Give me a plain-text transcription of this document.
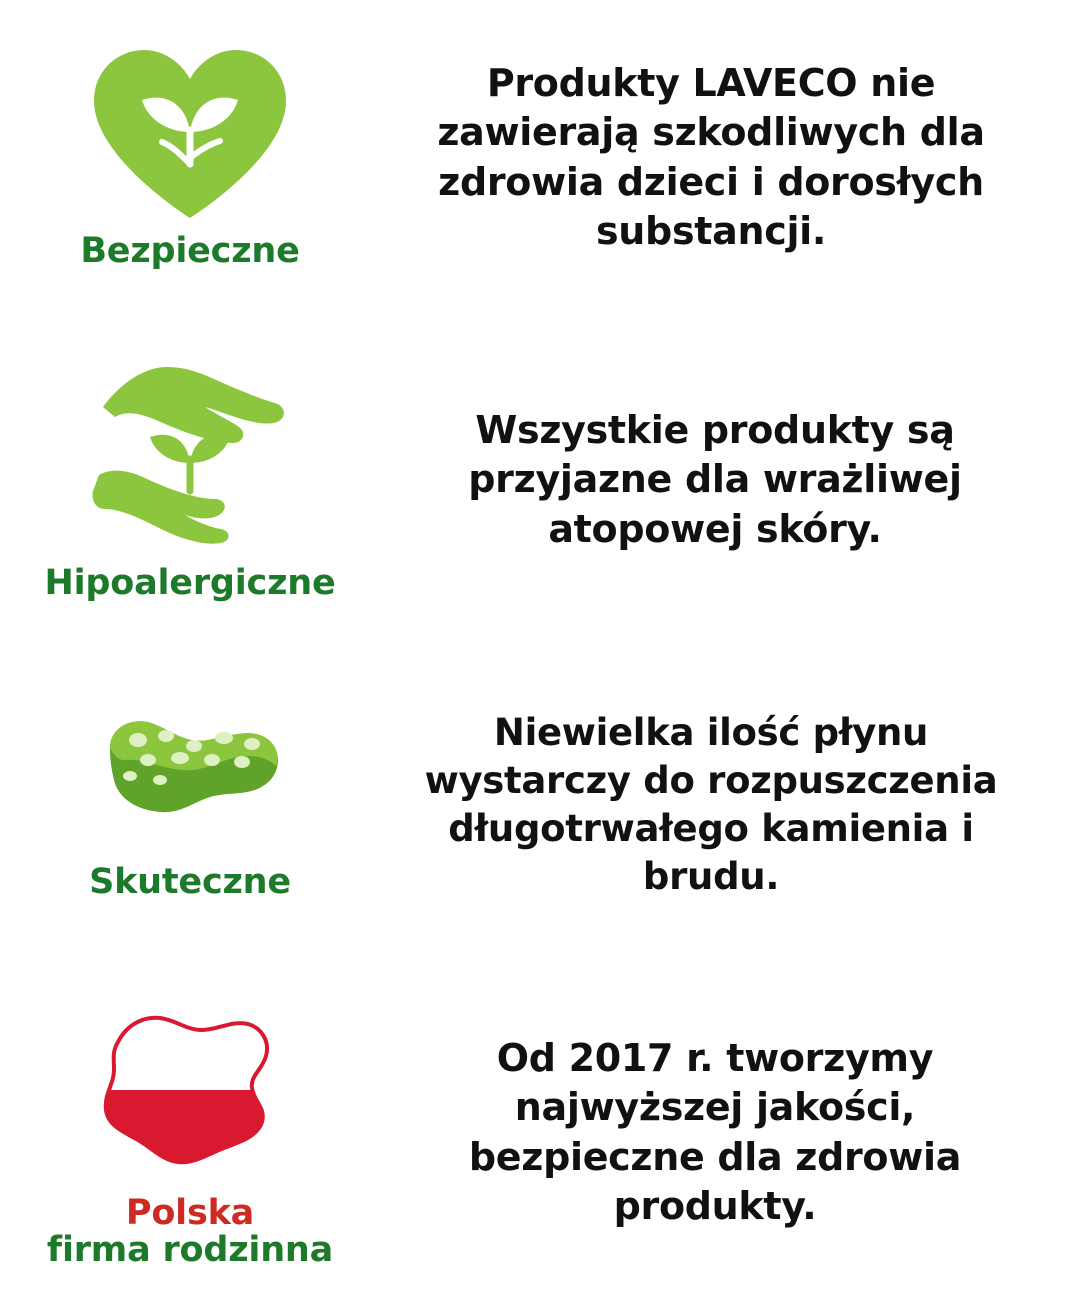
Bezpieczne
Produkty LAVECO nie zawierają szkodliwych dla zdrowia dzieci i dorosłych substancji.
Hipoalergiczne
Wszystkie produkty są przyjazne dla wrażliwej atopowej skóry.
Skuteczne
Niewielka ilość płynu wystarczy do rozpuszczenia długotrwałego kamienia i brudu.
Polska
firma rodzinna
Od 2017 r. tworzymy najwyższej jakości, bezpieczne dla zdrowia produkty.
